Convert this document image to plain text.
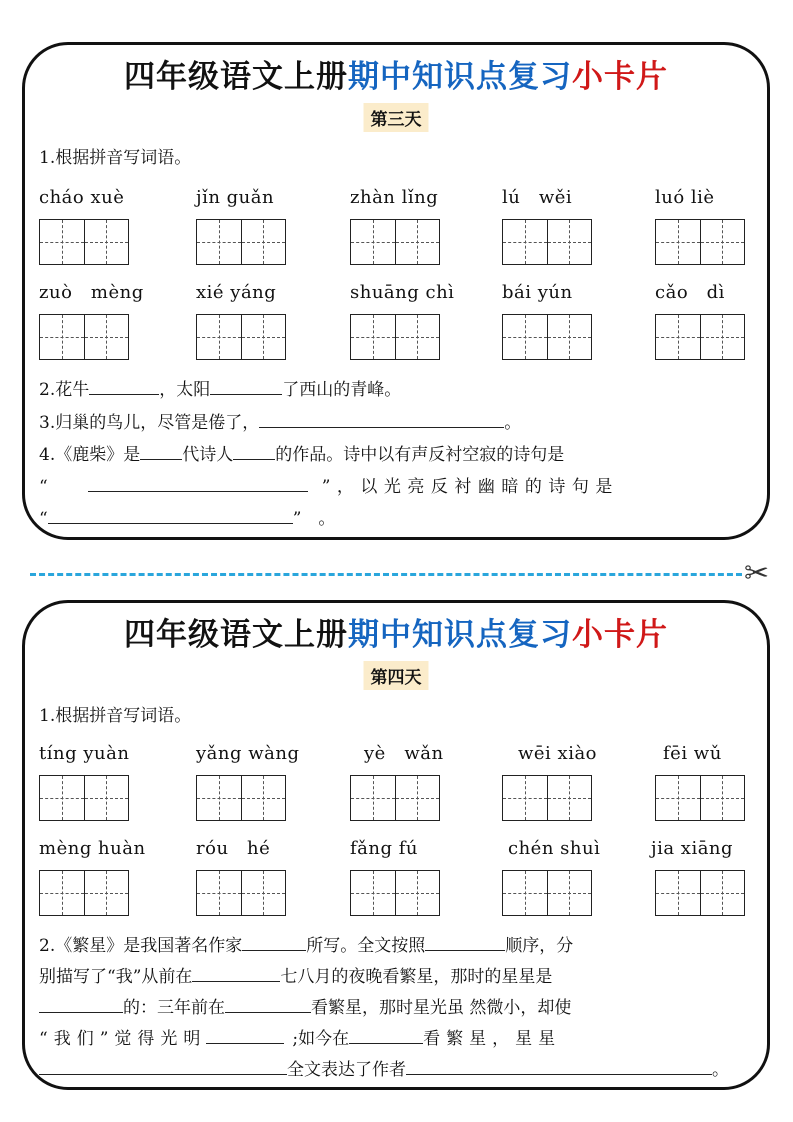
四年级语文上册期中知识点复习小卡片
第三天
1.根据拼音写词语。
cháo xuè	jǐn guǎn	zhàn lǐng	lú　wěi	luó liè
zuò　mèng	xié yáng	shuāng chì	bái yún	cǎo　dì
2.花牛	，太阳	了西山的青峰。
3.归巢的鸟儿，尽管是倦了，	。
4.《鹿柴》是 代诗人 的作品。诗中以有声反衬空寂的诗句是
“	”，以光亮反衬幽暗的诗句是
“	”　。
✂
四年级语文上册期中知识点复习小卡片
第四天
1.根据拼音写词语。
tíng yuàn	yǎng wàng	yè　wǎn	wēi xiào	fēi wǔ
mèng huàn	róu　hé	fǎng fú	chén shuì	jia xiāng
2.《繁星》是我国著名作家	所写。全文按照	顺序，分
别描写了“我”从前在	七八月的夜晚看繁星，那时的星星是
的：三年前在	看繁星，那时星光虽 然微小，却使
“我们”觉得光明	;如今在	看繁星，星星
全文表达了作者	。
